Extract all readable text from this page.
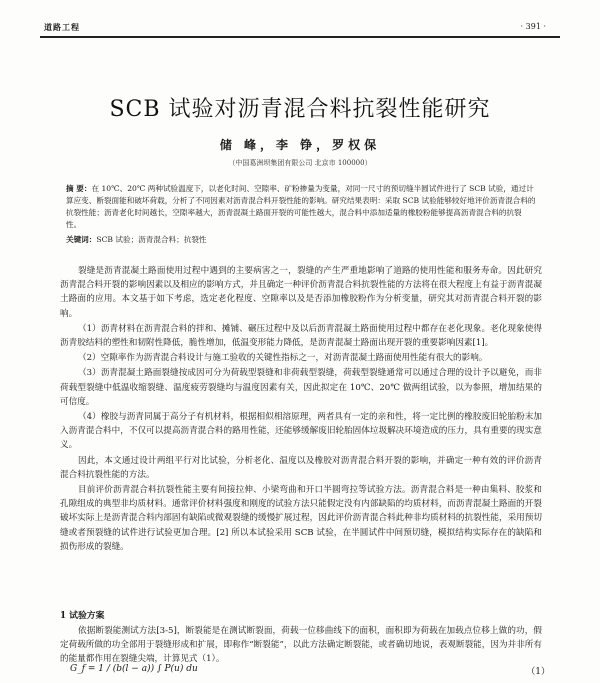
道路工程	· 391 ·
SCB 试验对沥青混合料抗裂性能研究
储 峰，李 铮，罗权保
（中国葛洲坝集团有限公司 北京市 100000）
摘 要：在 10℃、20℃ 两种试验温度下，以老化时间、空隙率、矿粉掺量为变量，对同一尺寸的预切缝半圆试件进行了 SCB 试验，通过计算应变、断裂面能和破坏荷载，分析了不同因素对沥青混合料开裂性能的影响。研究结果表明：采取 SCB 试验能够较好地评价沥青混合料的抗裂性能；沥青老化时间越长，空隙率越大，沥青混凝土路面开裂的可能性越大，混合料中添加适量的橡胶粉能够提高沥青混合料的抗裂性。
关键词：SCB 试验；沥青混合料；抗裂性

裂缝是沥青混凝土路面使用过程中遇到的主要病害之一，裂缝的产生严重地影响了道路的使用性能和服务寿命。因此研究沥青混合料开裂的影响因素以及相应的影响方式，并且确定一种评价沥青混合料抗裂性能的方法将在很大程度上有益于沥青混凝土路面的应用。本文基于如下考虑，选定老化程度、空隙率以及是否添加橡胶粉作为分析变量，研究其对沥青混合料开裂的影响。

（1）沥青材料在沥青混合料的拌和、摊铺、碾压过程中及以后沥青混凝土路面使用过程中都存在老化现象。老化现象使得沥青胶结料的塑性和韧附性降低，脆性增加，低温变形能力降低，是沥青混凝土路面出现开裂的重要影响因素[1]。

（2）空隙率作为沥青混合料设计与施工验收的关键性指标之一，对沥青混凝土路面使用性能有很大的影响。

（3）沥青混凝土路面裂缝按成因可分为荷载型裂缝和非荷载型裂缝，荷载型裂缝通常可以通过合理的设计予以避免，而非荷载型裂缝中低温收缩裂缝、温度疲劳裂缝均与温度因素有关，因此拟定在 10℃、20℃ 做两组试验，以为参照，增加结果的可信度。

（4）橡胶与沥青同属于高分子有机材料，根据相似相溶原理，两者具有一定的亲和性，将一定比例的橡胶废旧轮胎粉末加入沥青混合料中，不仅可以提高沥青混合料的路用性能，还能够缓解废旧轮胎固体垃圾解决环境造成的压力，具有重要的现实意义。

因此，本文通过设计两组平行对比试验，分析老化、温度以及橡胶对沥青混合料开裂的影响，并确定一种有效的评价沥青混合料抗裂性能的方法。

目前评价沥青混合料抗裂性能主要有间接拉伸、小梁弯曲和开口半圆弯拉等试验方法。沥青混合料是一种由集料、胶浆和孔隙组成的典型非均质材料。通常评价材料强度和刚度的试验方法只能假定没有内部缺陷的均质材料，而沥青混凝土路面的开裂破坏实际上是沥青混合料内部固有缺陷或微观裂缝的缓慢扩展过程，因此评价沥青混合料此种非均质材料的抗裂性能，采用预切缝或者预裂缝的试件进行试验更加合理。[2] 所以本试验采用 SCB 试验，在半圆试件中间预切缝，模拟结构实际存在的缺陷和损伤形成的裂缝。

1 试验方案

依据断裂能测试方法[3-5]，断裂能是在测试断裂面，荷载一位移曲线下的面积，面积即为荷载在加载点位移上做的功，假定荷载所做的功全部用于裂缝形成和扩展，即称作“断裂能”，以此方法确定断裂能，或者确切地说，表观断裂能，因为并非所有的能量都作用在裂缝尖端，计算见式（1）。

G_f = 1 / (b(l − a)) ∫ P(u) du	（1）
